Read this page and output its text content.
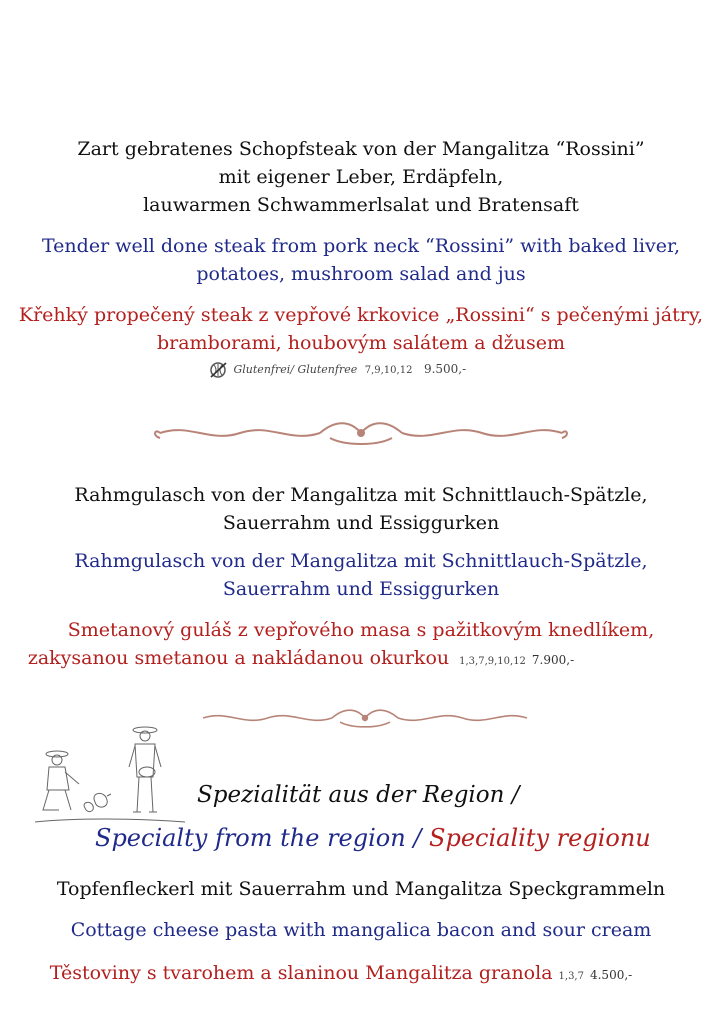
Zart gebratenes Schopfsteak von der Mangalitza “Rossini”
mit eigener Leber, Erdäpfeln,
lauwarmen Schwammerlsalat und Bratensaft
Tender well done steak from pork neck “Rossini” with baked liver,
potatoes, mushroom salad and jus
Křehký propečený steak z vepřové krkovice „Rossini“ s pečenými játry,
bramborami, houbovým salátem a džusem
Glutenfrei/ Glutenfree 7,9,10,12 9.500,-
Rahmgulasch von der Mangalitza mit Schnittlauch-Spätzle,
Sauerrahm und Essiggurken
Rahmgulasch von der Mangalitza mit Schnittlauch-Spätzle,
Sauerrahm und Essiggurken
Smetanový guláš z vepřového masa s pažitkovým knedlíkem,
zakysanou smetanou a nakládanou okurkou 1,3,7,9,10,12 7.900,-
Spezialität aus der Region /
Specialty from the region / Speciality regionu
Topfenfleckerl mit Sauerrahm und Mangalitza Speckgrammeln
Cottage cheese pasta with mangalica bacon and sour cream
Těstoviny s tvarohem a slaninou Mangalitza granola 1,3,7 4.500,-
